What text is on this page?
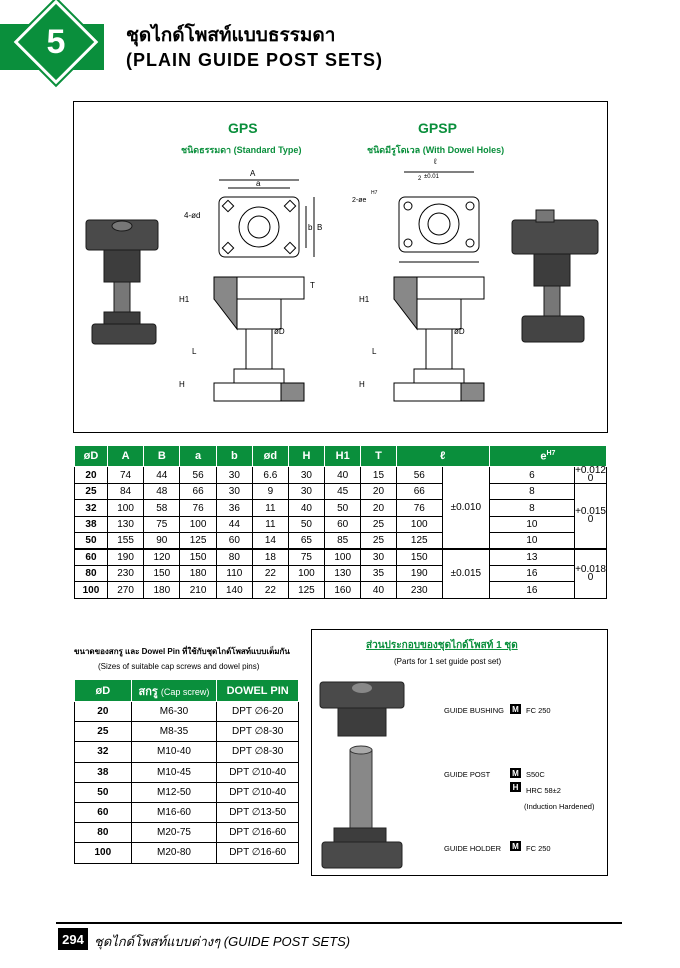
5	ชุดไกด์โพสท์แบบธรรมดา
(PLAIN GUIDE POST SETS)
A
a
B
b
4-ød
H1
L
H
T
øD
ℓ
2 ±0.01
2-øe
H7
H1
L
H
øD
GPS	GPSP
ชนิดธรรมดา (Standard Type)	ชนิดมีรูโดเวล (With Dowel Holes)
øD	A	B	a	b	ød	H	H1	T	ℓ		$e^{H7}$
20	74	44	56	30	6.6	30	40	15	56	±0.010	6	+0.012
0

25	84	48	66	30	9	30	45	20	66		8	+0.015
0

32	100	58	76	36	11	40	50	20	76		8	
38	130	75	100	44	11	50	60	25	100		10	
50	155	90	125	60	14	65	85	25	125		10	
60	190	120	150	80	18	75	100	30	150	±0.015	13	+0.018
0

80	230	150	180	110	22	100	130	35	190		16	
100	270	180	210	140	22	125	160	40	230		16	
ขนาดของสกรู และ Dowel Pin ที่ใช้กับชุดไกด์โพสท์แบบเต็มกัน
(Sizes of suitable cap screws and dowel pins)
øD	สกรู (Cap screw)	DOWEL PIN
20	M6-30	DPT ∅6-20
25	M8-35	DPT ∅8-30
32	M10-40	DPT ∅8-30
38	M10-45	DPT ∅10-40
50	M12-50	DPT ∅10-40
60	M16-60	DPT ∅13-50
80	M20-75	DPT ∅16-60
100	M20-80	DPT ∅16-60
ส่วนประกอบของชุดไกด์โพสท์ 1 ชุด
(Parts for 1 set guide post set)
GUIDE BUSHING M FC 250
GUIDE POST	M S50C
H	HRC 58±2
(Induction Hardened)
GUIDE HOLDER M FC 250
294 ชุดไกด์โพสท์แบบต่างๆ (GUIDE POST SETS)
